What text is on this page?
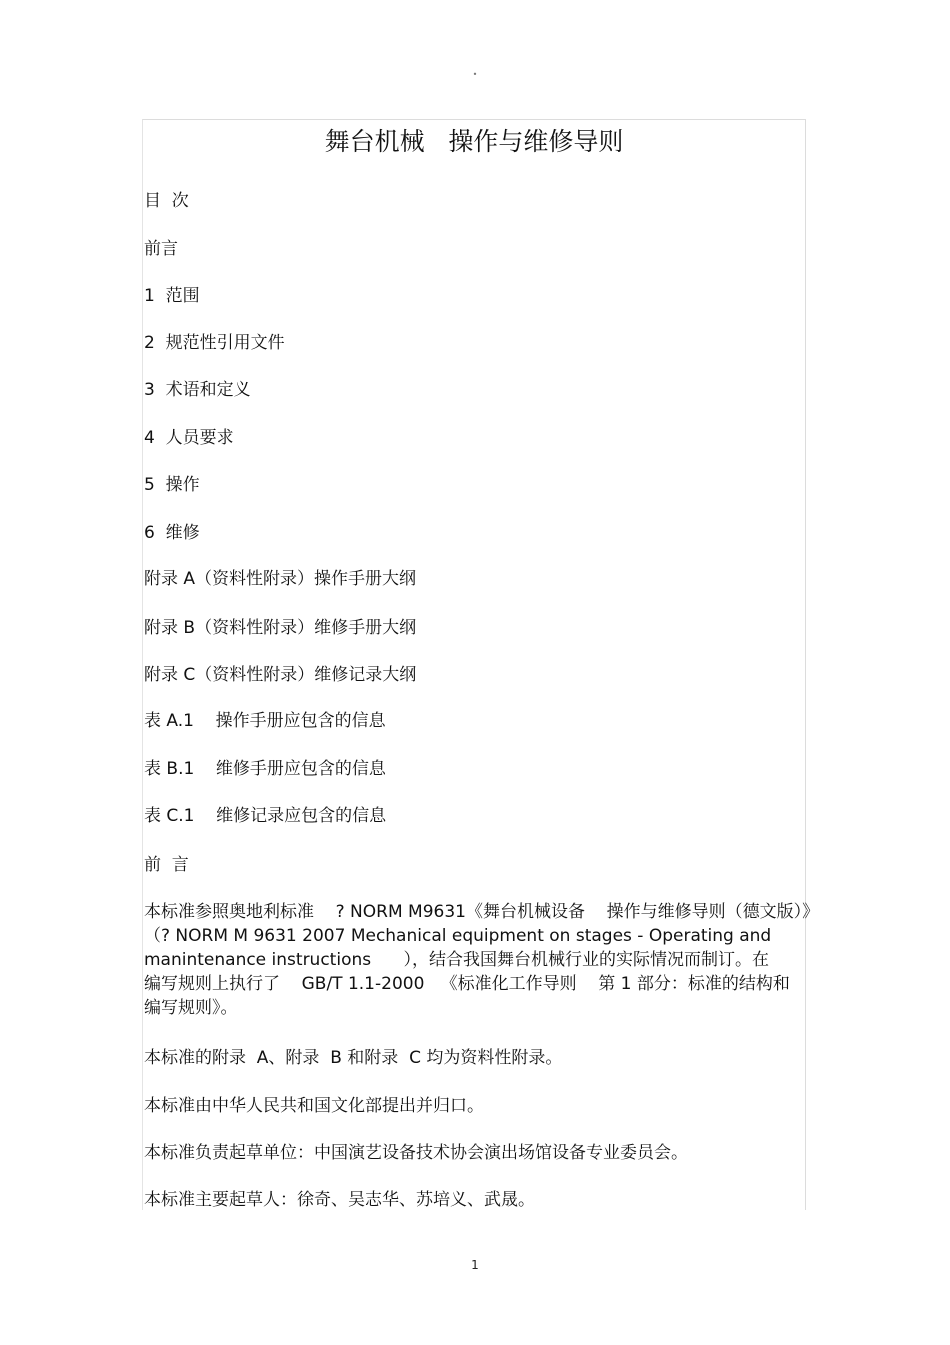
•
舞台机械   操作与维修导则
目  次
前言
1  范围
2  规范性引用文件
3  术语和定义
4  人员要求
5  操作
6  维修
附录 A（资料性附录）操作手册大纲
附录 B（资料性附录）维修手册大纲
附录 C（资料性附录）维修记录大纲
表 A.1    操作手册应包含的信息
表 B.1    维修手册应包含的信息
表 C.1    维修记录应包含的信息
前  言
本标准参照奥地利标准    ? NORM M9631《舞台机械设备    操作与维修导则（德文版）》
（? NORM M 9631 2007 Mechanical equipment on stages - Operating and
manintenance instructions      ），结合我国舞台机械行业的实际情况而制订。在
编写规则上执行了    GB/T 1.1-2000   《标准化工作导则    第 1 部分：标准的结构和
编写规则》。
本标准的附录  A、附录  B 和附录  C 均为资料性附录。
本标准由中华人民共和国文化部提出并归口。
本标准负责起草单位：中国演艺设备技术协会演出场馆设备专业委员会。
本标准主要起草人：徐奇、吴志华、苏培义、武晟。
1
